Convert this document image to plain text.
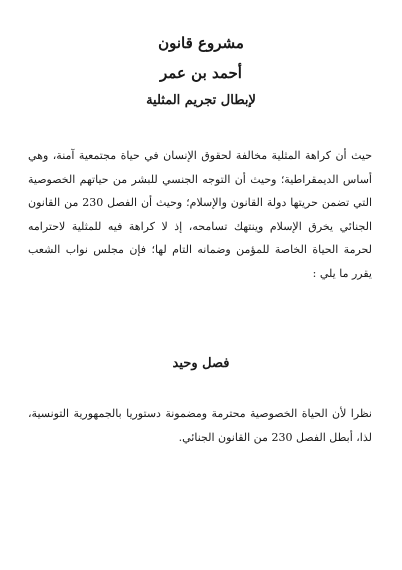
مشروع قانون
أحمد بن عمر
لإبطال تجريم المثلية

حيث أن كراهة المثلية مخالفة لحقوق الإنسان في حياة مجتمعية آمنة، وهي أساس الديمقراطية؛ وحيث أن التوجه الجنسي للبشر من حياتهم الخصوصية التي تضمن حريتها دولة القانون والإسلام؛ وحيث أن الفصل 230 من القانون الجنائي يخرق الإسلام وينتهك تسامحه، إذ لا كراهة فيه للمثلية لاحترامه لحرمة الحياة الخاصة للمؤمن وضمانه التام لها؛ فإن مجلس نواب الشعب يقرر ما يلي :

فصل وحيد

نظرا لأن الحياة الخصوصية محترمة ومضمونة دستوريا بالجمهورية التونسية، لذا، أبطل الفصل 230 من القانون الجنائي.
